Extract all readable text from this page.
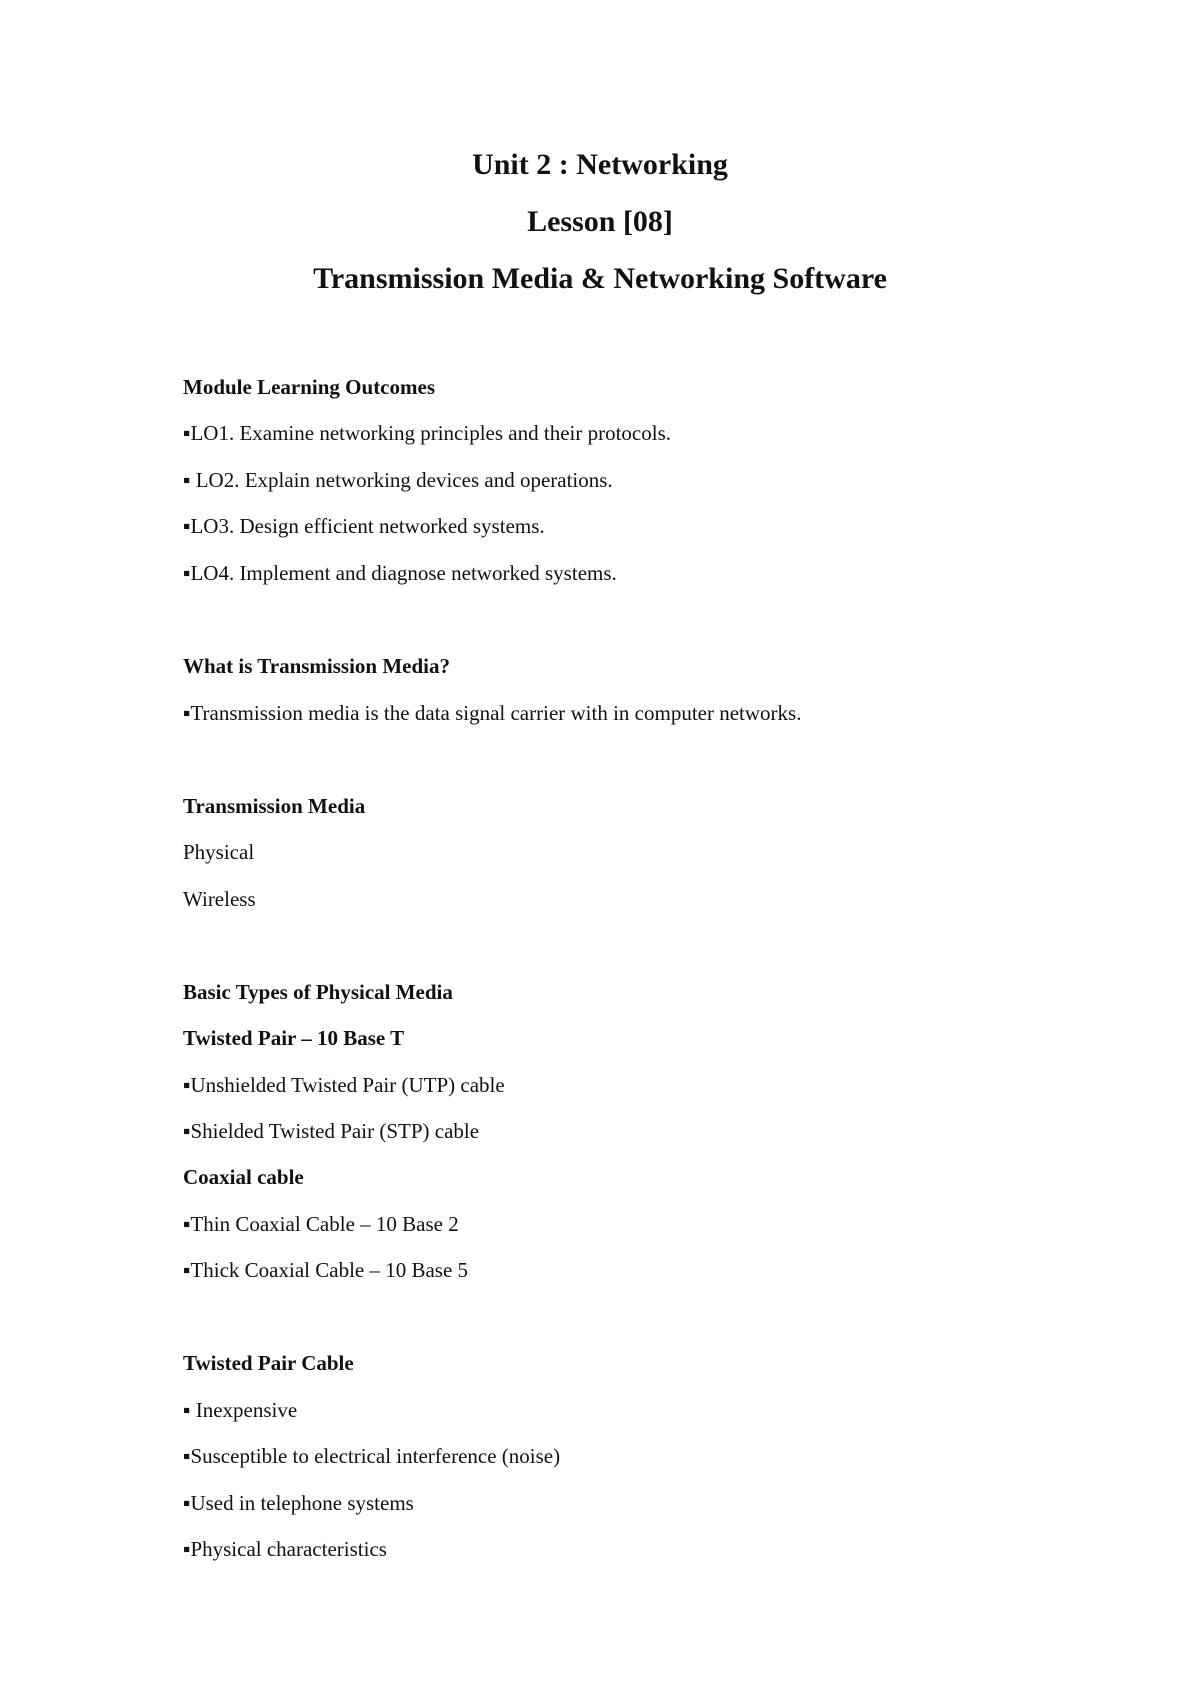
Unit 2 : Networking
Lesson [08]
Transmission Media & Networking Software
Module Learning Outcomes
▪LO1. Examine networking principles and their protocols.
▪ LO2. Explain networking devices and operations.
▪LO3. Design efficient networked systems.
▪LO4. Implement and diagnose networked systems.
What is Transmission Media?
▪Transmission media is the data signal carrier with in computer networks.
Transmission Media
Physical
Wireless
Basic Types of Physical Media
Twisted Pair – 10 Base T
▪Unshielded Twisted Pair (UTP) cable
▪Shielded Twisted Pair (STP) cable
Coaxial cable
▪Thin Coaxial Cable – 10 Base 2
▪Thick Coaxial Cable – 10 Base 5
Twisted Pair Cable
▪ Inexpensive
▪Susceptible to electrical interference (noise)
▪Used in telephone systems
▪Physical characteristics
